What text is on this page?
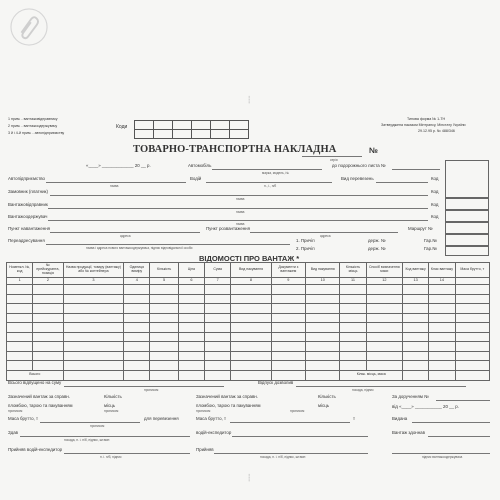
┆
┆
1 прим. - вантажовідправнику
2 прим. - вантажоодержувачу
3 й і 4-й прим. - автопідприємству
Коди
Типова форма № 1-ТН
Затверджена наказом Мінтрансу, Мінстату України
29.12.95 р. № 488/346
ТОВАРНО-ТРАНСПОРТНА НАКЛАДНА
серія
№
«____» _____________ 20 __ р.	Автомобіль
марка, модель, №
до подорожнього листа №
Автопідприємство
назва
Водій
п., і., п/б
Вид перевезень	Код
Замовник (платник)
назва
Код
Вантажовідправник
назва
Код
Вантажоодержувач
назва
Код
Пункт навантаження
адреса
Пункт розвантаження
адреса
Маршрут №
Переадресування
назва і адреса нового вантажоодержувача, підпис відповідальної особи
1. Причіп
2. Причіп
держ. №
держ. №
Гар.№
Гар.№
ВІДОМОСТІ ПРО ВАНТАЖ *
Номенкл. №, код	№ прейскуранта, позиція	Назва продукції, товару (вантажу) або № контейнера	Одиниця виміру	Кількість	Ціна	Сума	Вид пакування	Документи з вантажем	Вид пакування	Кількість місць	Спосіб визначення маси	Код вантажу	Клас вантажу	Маса брутто, т
1	2	3	4	5	6	7	8	9	10	11	12	13	14	

Всього										Кільк. місць, маса				
Всього відпущено на суму
прописом
Відпуск дозволив
посада, підпис
Зазначений вантаж за справн.	Кількість
пломбою, тарою та пакуванням	місць
прописом	прописом
Маса брутто, т
прописом
для перевезення
Здав
посада, п. і. п/б, підпис, штамп
Прийняв водій-експедитор
п. і. п/б, підпис
Зазначений вантаж за справн.	Кількість
пломбою, тарою та пакуванням	місць
прописом	прописом
Маса брутто, т	т
водій-експедитор
Прийняв
посада, п. і. п/б, підпис, штамп
За дорученням №
від «____» ___________ 20 __ р.
Видана
Вантаж здоннав
підпис вантажоодержувача
